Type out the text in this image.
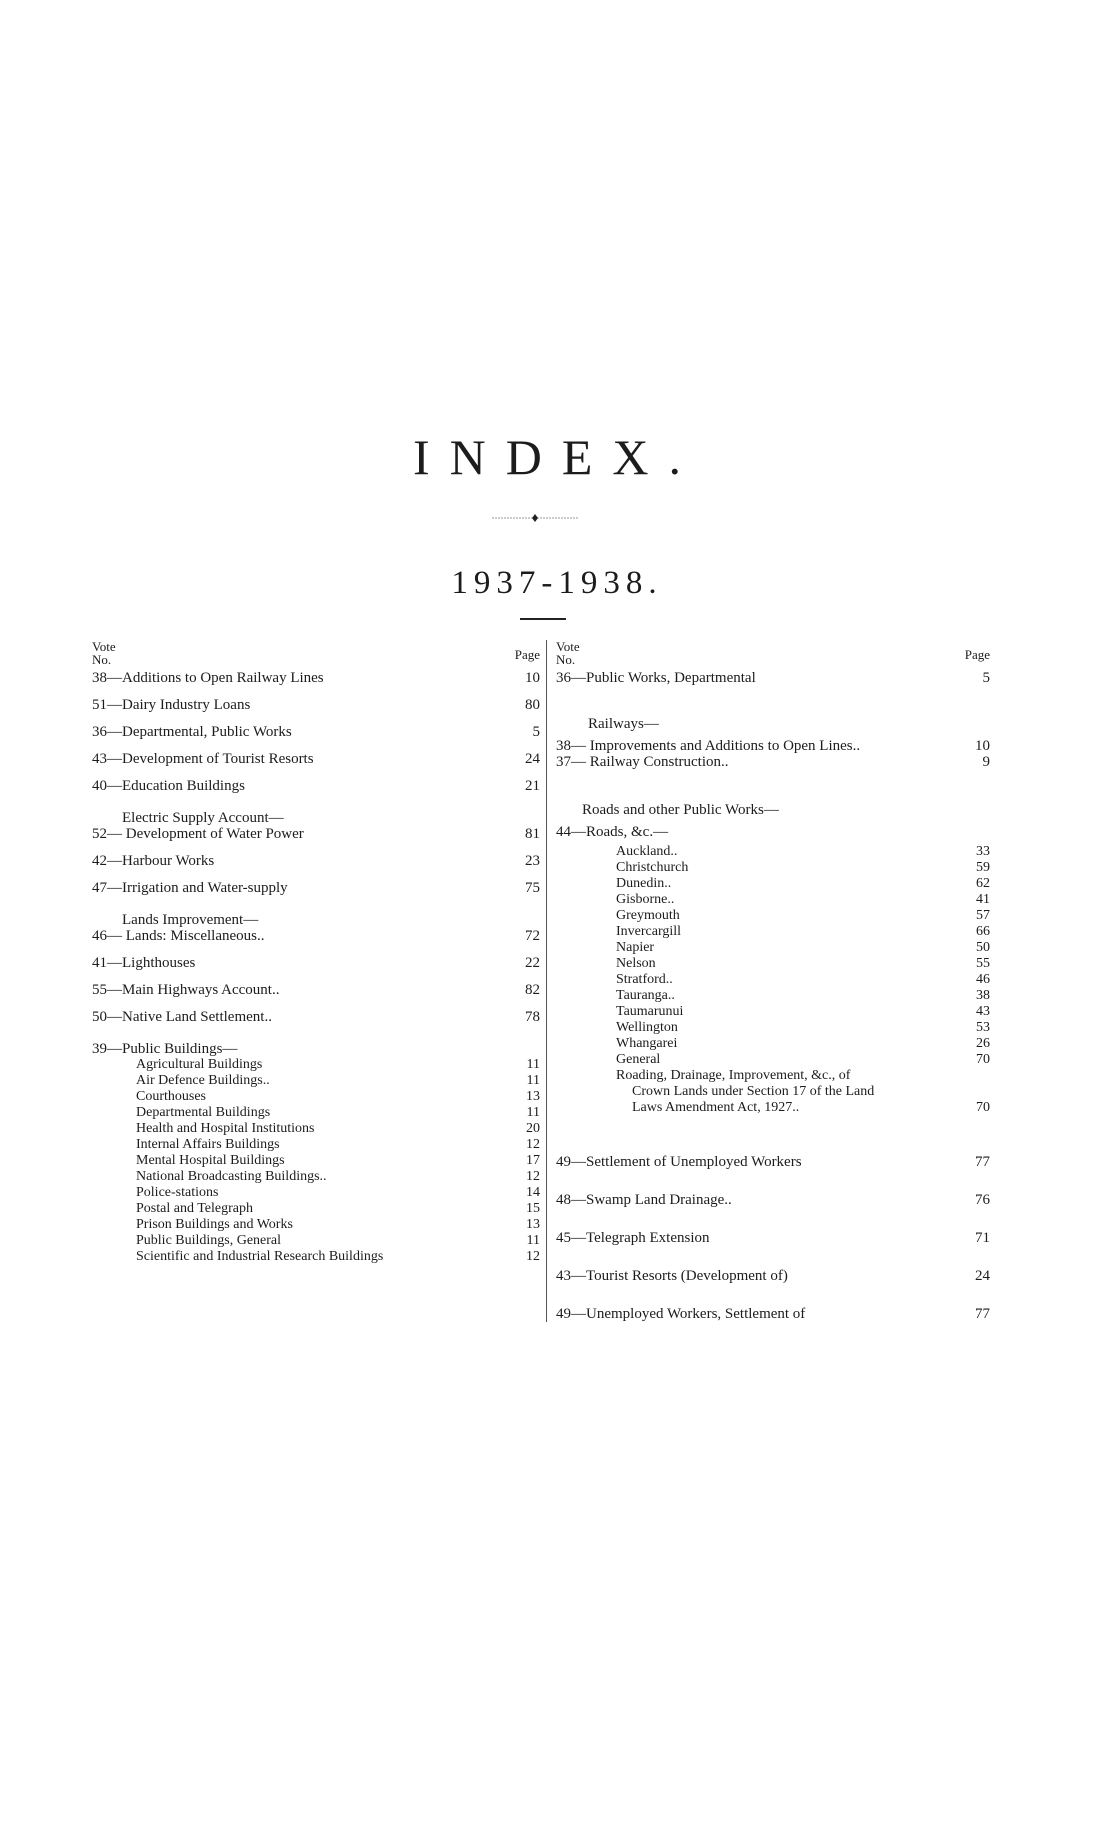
INDEX.
1937-1938.
Vote
No.	Page
38—Additions to Open Railway Lines	10
51—Dairy Industry Loans	80
36—Departmental, Public Works	5
43—Development of Tourist Resorts	24
40—Education Buildings	21
Electric Supply Account—
52— Development of Water Power	81
42—Harbour Works	23
47—Irrigation and Water-supply	75
Lands Improvement—
46— Lands: Miscellaneous..	72
41—Lighthouses	22
55—Main Highways Account..	82
50—Native Land Settlement..	78
39—Public Buildings—
Agricultural Buildings	11
Air Defence Buildings..	11
Courthouses	13
Departmental Buildings	11
Health and Hospital Institutions	20
Internal Affairs Buildings	12
Mental Hospital Buildings	17
National Broadcasting Buildings..	12
Police-stations	14
Postal and Telegraph	15
Prison Buildings and Works	13
Public Buildings, General	11
Scientific and Industrial Research Buildings	12
Vote
No.	Page
36—Public Works, Departmental	5
Railways—
38— Improvements and Additions to Open Lines..	10
37— Railway Construction..	9
Roads and other Public Works—
44—Roads, &c.—
Auckland..	33
Christchurch	59
Dunedin..	62
Gisborne..	41
Greymouth	57
Invercargill	66
Napier	50
Nelson	55
Stratford..	46
Tauranga..	38
Taumarunui	43
Wellington	53
Whangarei	26
General	70
Roading, Drainage, Improvement, &c., of
Crown Lands under Section 17 of the Land
Laws Amendment Act, 1927..	70
49—Settlement of Unemployed Workers	77
48—Swamp Land Drainage..	76
45—Telegraph Extension	71
43—Tourist Resorts (Development of)	24
49—Unemployed Workers, Settlement of	77
